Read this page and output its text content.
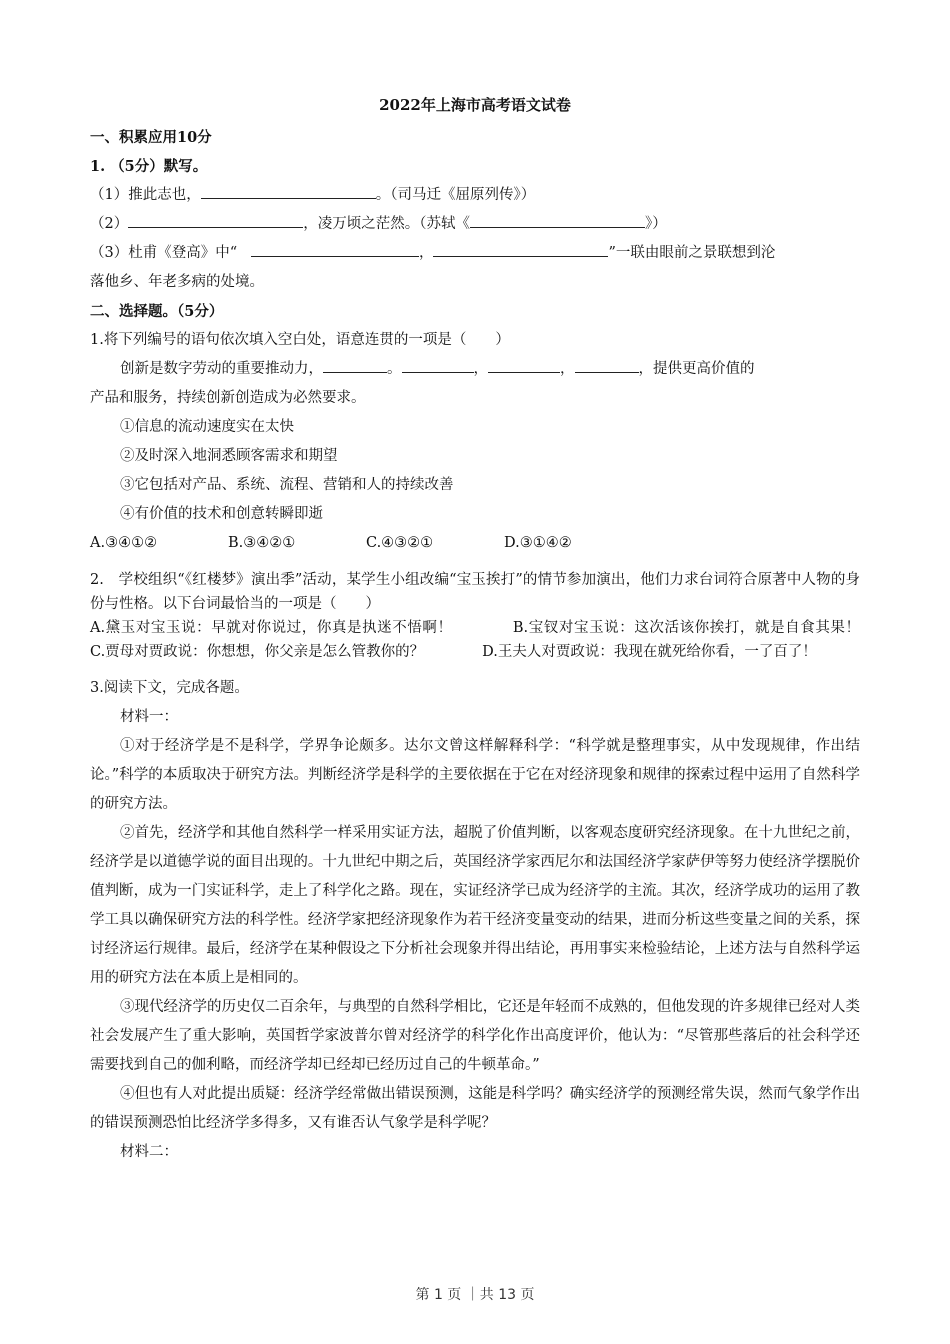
2022年上海市高考语文试卷

一、积累应用10分

1. （5分）默写。

（1）推此志也，	。（司马迁《屈原列传》）

（2）	，凌万顷之茫然。（苏轼《	》）

（3）杜甫《登高》中“	，	”一联由眼前之景联想到沦

落他乡、年老多病的处境。

二、选择题。（5分）

1.将下列编号的语句依次填入空白处，语意连贯的一项是（　　）

创新是数字劳动的重要推动力，	。	，	，	，提供更高价值的

产品和服务，持续创新创造成为必然要求。

①信息的流动速度实在太快

②及时深入地洞悉顾客需求和期望

③它包括对产品、系统、流程、营销和人的持续改善

④有价值的技术和创意转瞬即逝

A.③④①②	B.③④②①	C.④③②①	D.③①④②

2.　学校组织“《红楼梦》演出季”活动，某学生小组改编“宝玉挨打”的情节参加演出，他们力求台词符合原著中人物的身份与性格。以下台词最恰当的一项是（　　）

A.黛玉对宝玉说：早就对你说过，你真是执迷不悟啊！　　　　B.宝钗对宝玉说：这次活该你挨打，就是自食其果！　　　　C.贾母对贾政说：你想想，你父亲是怎么管教你的？　　　　D.王夫人对贾政说：我现在就死给你看，一了百了！

3.阅读下文，完成各题。

材料一：

①对于经济学是不是科学，学界争论颇多。达尔文曾这样解释科学：“科学就是整理事实，从中发现规律，作出结论。”科学的本质取决于研究方法。判断经济学是科学的主要依据在于它在对经济现象和规律的探索过程中运用了自然科学的研究方法。

②首先，经济学和其他自然科学一样采用实证方法，超脱了价值判断，以客观态度研究经济现象。在十九世纪之前，经济学是以道德学说的面目出现的。十九世纪中期之后，英国经济学家西尼尔和法国经济学家萨伊等努力使经济学摆脱价值判断，成为一门实证科学，走上了科学化之路。现在，实证经济学已成为经济学的主流。其次，经济学成功的运用了教学工具以确保研究方法的科学性。经济学家把经济现象作为若干经济变量变动的结果，进而分析这些变量之间的关系，探讨经济运行规律。最后，经济学在某种假设之下分析社会现象并得出结论，再用事实来检验结论，上述方法与自然科学运用的研究方法在本质上是相同的。

③现代经济学的历史仅二百余年，与典型的自然科学相比，它还是年轻而不成熟的，但他发现的许多规律已经对人类社会发展产生了重大影响，英国哲学家波普尔曾对经济学的科学化作出高度评价，他认为：“尽管那些落后的社会科学还需要找到自己的伽利略，而经济学却已经却已经历过自己的牛顿革命。”

④但也有人对此提出质疑：经济学经常做出错误预测，这能是科学吗？确实经济学的预测经常失误，然而气象学作出的错误预测恐怕比经济学多得多，又有谁否认气象学是科学呢？

材料二：

第 1 页 ｜共 13 页
